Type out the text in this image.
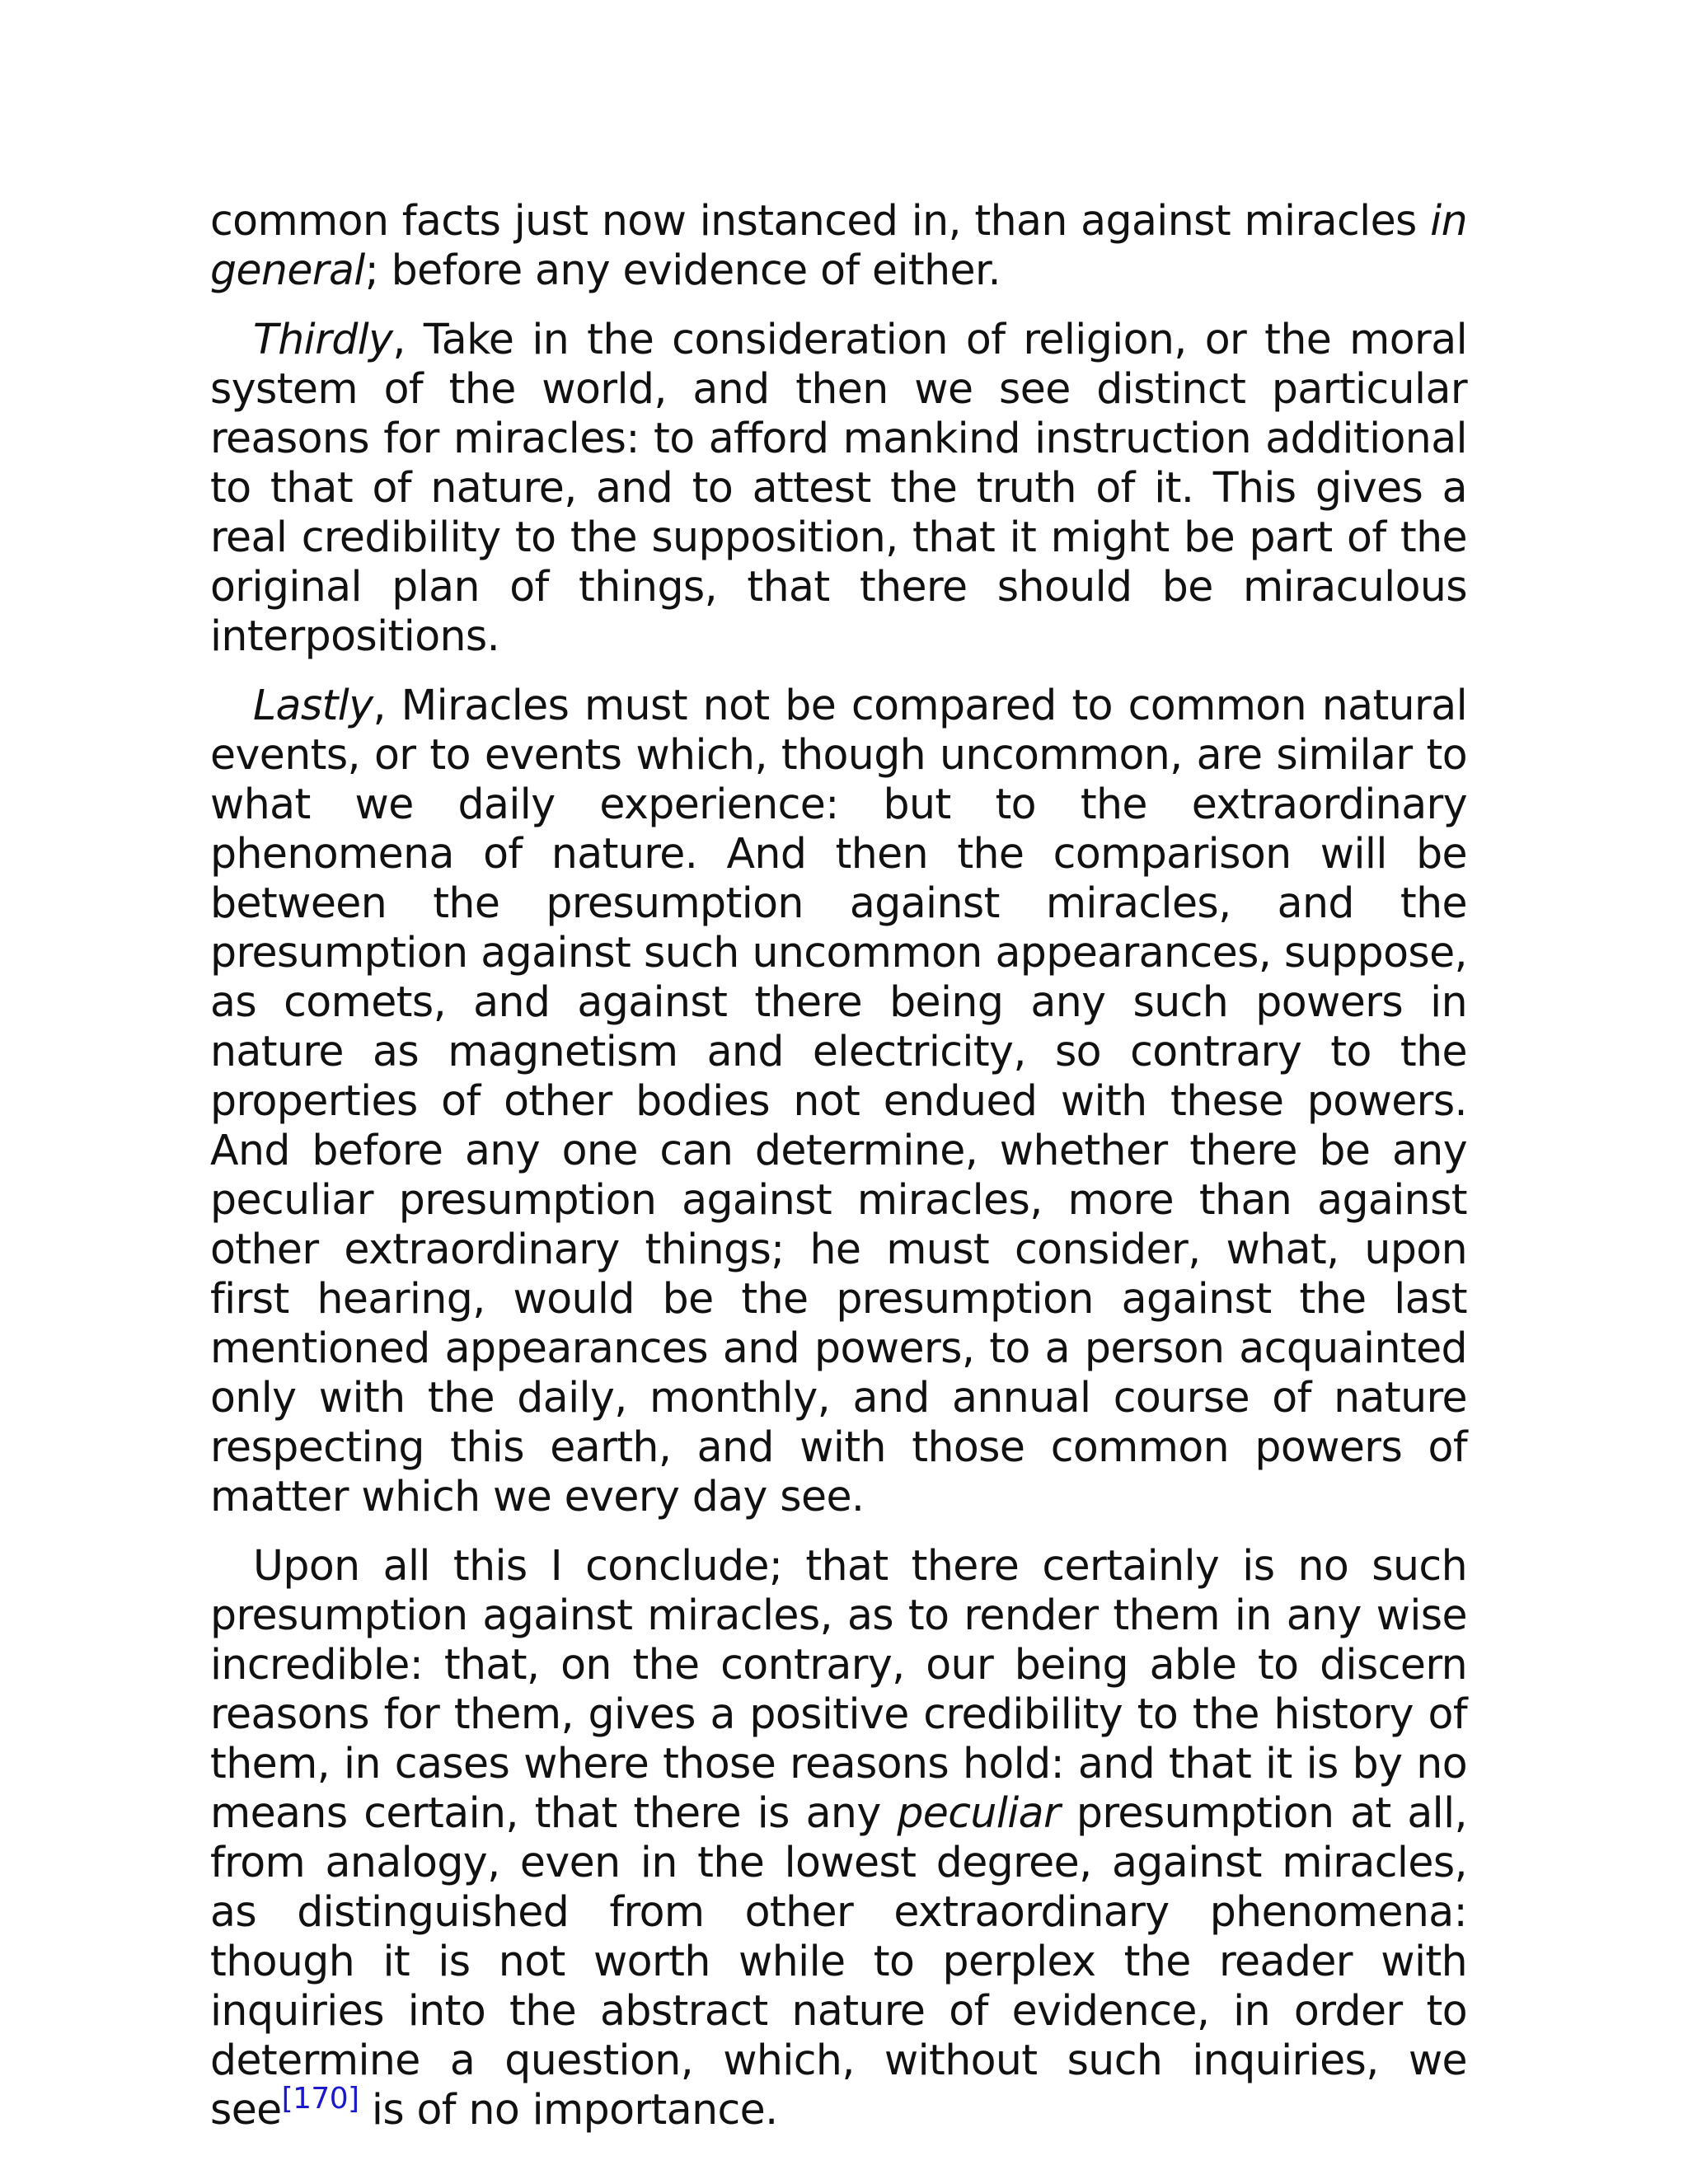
common facts just now instanced in, than against miracles in general; before any evidence of either.

Thirdly, Take in the consideration of religion, or the moral system of the world, and then we see distinct particular reasons for miracles: to afford mankind instruction additional to that of nature, and to attest the truth of it. This gives a real credibility to the supposition, that it might be part of the original plan of things, that there should be miraculous interpositions.

Lastly, Miracles must not be compared to common natural events, or to events which, though uncommon, are similar to what we daily experience: but to the extraordinary phenomena of nature. And then the comparison will be between the presumption against miracles, and the presumption against such uncommon appearances, suppose, as comets, and against there being any such powers in nature as magnetism and electricity, so contrary to the properties of other bodies not endued with these powers. And before any one can determine, whether there be any peculiar presumption against miracles, more than against other extraordinary things; he must consider, what, upon first hearing, would be the presumption against the last mentioned appearances and powers, to a person acquainted only with the daily, monthly, and annual course of nature respecting this earth, and with those common powers of matter which we every day see.

Upon all this I conclude; that there certainly is no such presumption against miracles, as to render them in any wise incredible: that, on the contrary, our being able to discern reasons for them, gives a positive credibility to the history of them, in cases where those reasons hold: and that it is by no means certain, that there is any peculiar presumption at all, from analogy, even in the lowest degree, against miracles, as distinguished from other extraordinary phenomena: though it is not worth while to perplex the reader with inquiries into the abstract nature of evidence, in order to determine a question, which, without such inquiries, we see[170] is of no importance.
